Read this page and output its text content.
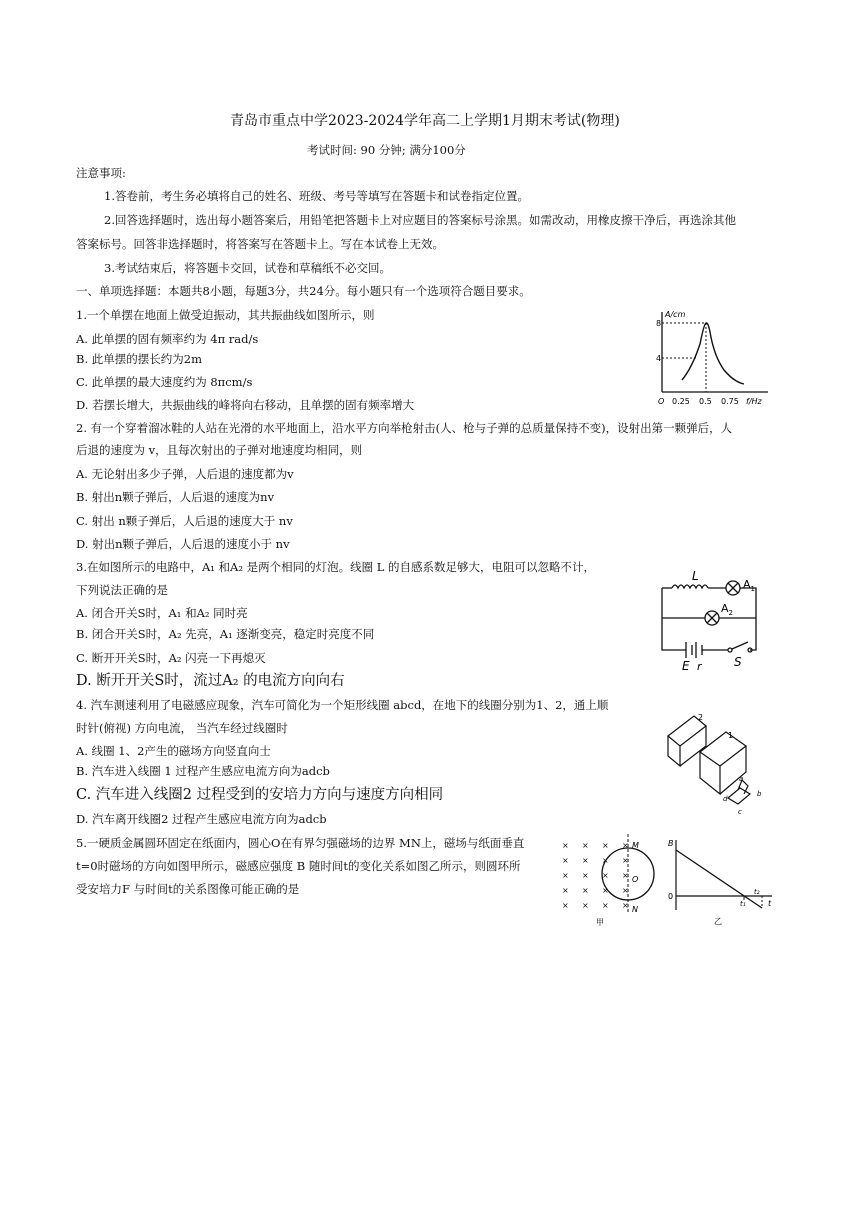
青岛市重点中学2023-2024学年高二上学期1月期末考试(物理)
考试时间: 90 分钟; 满分100分
注意事项:
1.答卷前，考生务必填将自己的姓名、班级、考号等填写在答题卡和试卷指定位置。
2.回答选择题时，选出每小题答案后，用铅笔把答题卡上对应题目的答案标号涂黑。如需改动，用橡皮擦干净后，再选涂其他
答案标号。回答非选择题时，将答案写在答题卡上。写在本试卷上无效。
3.考试结束后，将答题卡交回，试卷和草稿纸不必交回。
一、单项选择题：本题共8小题，每题3分，共24分。每小题只有一个选项符合题目要求。
1.一个单摆在地面上做受迫振动，其共振曲线如图所示，则
A. 此单摆的固有频率约为 4π rad/s
B. 此单摆的摆长约为2m
C. 此单摆的最大速度约为 8πcm/s
D. 若摆长增大，共振曲线的峰将向右移动，且单摆的固有频率增大
A/cm
8
4
O 0.25 0.5 0.75 f/Hz
2. 有一个穿着溜冰鞋的人站在光滑的水平地面上，沿水平方向举枪射击(人、枪与子弹的总质量保持不变)，设射出第一颗弹后，人
后退的速度为 v，且每次射出的子弹对地速度均相同，则
A. 无论射出多少子弹，人后退的速度都为v
B. 射出n颗子弹后，人后退的速度为nv
C. 射出 n颗子弹后，人后退的速度大于 nv
D. 射出n颗子弹后，人后退的速度小于 nv
3.在如图所示的电路中，A₁ 和A₂ 是两个相同的灯泡。线圈 L 的自感系数足够大，电阻可以忽略不计，
下列说法正确的是
A. 闭合开关S时，A₁ 和A₂ 同时亮
B. 闭合开关S时，A₂ 先亮，A₁ 逐渐变亮，稳定时亮度不同
C. 断开开关S时，A₂ 闪亮一下再熄灭
D. 断开开关S时，流过A₂ 的电流方向向右
L
$A_1$
$A_2$
E r	S
4. 汽车测速利用了电磁感应现象，汽车可简化为一个矩形线圈 abcd，在地下的线圈分别为1、2，通上顺
时针(俯视) 方向电流， 当汽车经过线圈时
A. 线圈 1、2产生的磁场方向竖直向士
B. 汽车进入线圈 1 过程产生感应电流方向为adcb
C. 汽车进入线圈2 过程受到的安培力方向与速度方向相同
D. 汽车离开线圈2 过程产生感应电流方向为adcb
2
1
a
b
c
d
5.一硬质金属圆环固定在纸面内，圆心O在有界匀强磁场的边界 MN上，磁场与纸面垂直
t=0时磁场的方向如图甲所示，磁感应强度 B 随时间t的变化关系如图乙所示，则圆环所
受安培力F 与时间t的关系图像可能正确的是
× × × ×
× × × ×
× × × ×
× × × ×
× × × ×
M
O
N
甲
B
0
t₁
t₂
t
乙
